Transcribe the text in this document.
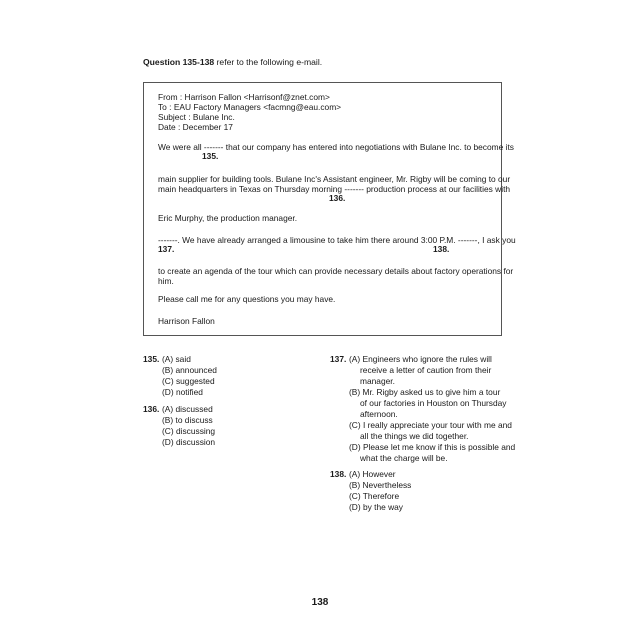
Question 135-138 refer to the following e-mail.
From : Harrison Fallon <Harrisonf@znet.com>
To : EAU Factory Managers <facmng@eau.com>
Subject : Bulane Inc.
Date : December 17
We were all ------- that our company has entered into negotiations with Bulane Inc. to become its
135.
main supplier for building tools. Bulane Inc's Assistant engineer, Mr. Rigby will be coming to our
main headquarters in Texas on Thursday morning ------- production process at our facilities with
136.
Eric Murphy, the production manager.
-------. We have already arranged a limousine to take him there around 3:00 P.M. -------, I ask you
137.	138.
to create an agenda of the tour which can provide necessary details about factory operations for
him.
Please call me for any questions you may have.
Harrison Fallon
135. (A) said
(B) announced
(C) suggested
(D) notified
136. (A) discussed
(B) to discuss
(C) discussing
(D) discussion
137. (A) Engineers who ignore the rules will
receive a letter of caution from their
manager.
(B) Mr. Rigby asked us to give him a tour
of our factories in Houston on Thursday
afternoon.
(C) I really appreciate your tour with me and
all the things we did together.
(D) Please let me know if this is possible and
what the charge will be.
138. (A) However
(B) Nevertheless
(C) Therefore
(D) by the way
138
